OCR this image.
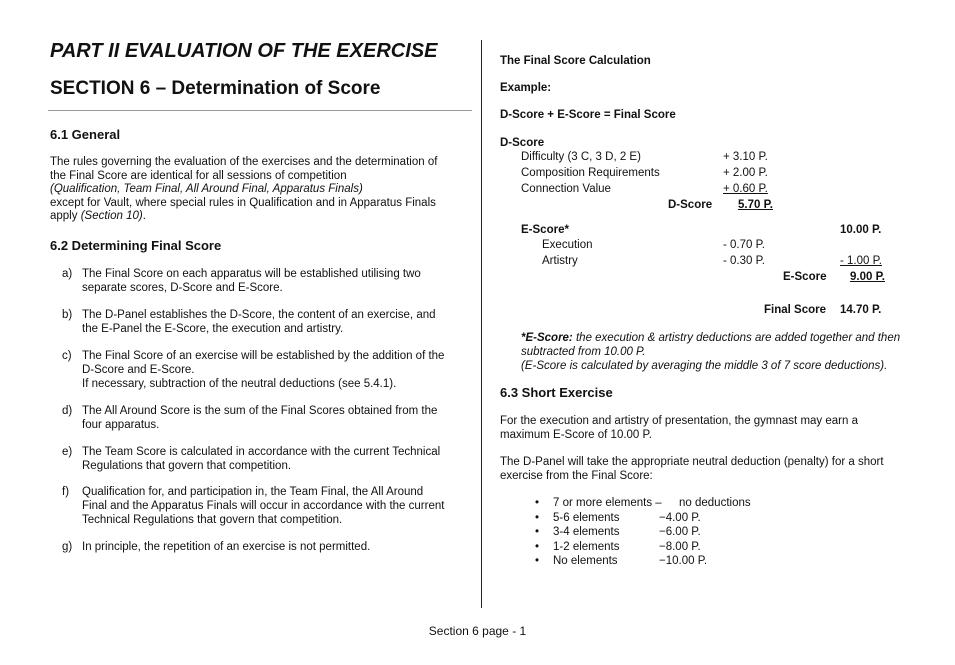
PART II EVALUATION OF THE EXERCISE
SECTION 6 – Determination of Score
6.1 General
The rules governing the evaluation of the exercises and the determination of
the Final Score are identical for all sessions of competition
(Qualification, Team Final, All Around Final, Apparatus Finals)
except for Vault, where special rules in Qualification and in Apparatus Finals
apply (Section 10).
6.2 Determining Final Score
a) The Final Score on each apparatus will be established utilising two
separate scores, D-Score and E-Score.
b) The D-Panel establishes the D-Score, the content of an exercise, and
the E-Panel the E-Score, the execution and artistry.
c) The Final Score of an exercise will be established by the addition of the
D-Score and E-Score.
If necessary, subtraction of the neutral deductions (see 5.4.1).
d) The All Around Score is the sum of the Final Scores obtained from the
four apparatus.
e) The Team Score is calculated in accordance with the current Technical
Regulations that govern that competition.
f) Qualification for, and participation in, the Team Final, the All Around
Final and the Apparatus Finals will occur in accordance with the current
Technical Regulations that govern that competition.
g) In principle, the repetition of an exercise is not permitted.
The Final Score Calculation
Example:
D-Score + E-Score = Final Score
D-Score
Difficulty (3 C, 3 D, 2 E)	+ 3.10 P.
Composition Requirements	+ 2.00 P.
Connection Value	+ 0.60 P.
D-Score	5.70 P.
E-Score*	10.00 P.
Execution	- 0.70 P.
Artistry	- 0.30 P.	- 1.00 P.
E-Score	9.00 P.
Final Score 14.70 P.
*E-Score: the execution & artistry deductions are added together and then
subtracted from 10.00 P.
(E-Score is calculated by averaging the middle 3 of 7 score deductions).
6.3 Short Exercise
For the execution and artistry of presentation, the gymnast may earn a
maximum E-Score of 10.00 P.
The D-Panel will take the appropriate neutral deduction (penalty) for a short
exercise from the Final Score:
• 7 or more elements – no deductions
• 5-6 elements	−4.00 P.
• 3-4 elements	−6.00 P.
• 1-2 elements	−8.00 P.
• No elements	−10.00 P.
Section 6 page - 1
